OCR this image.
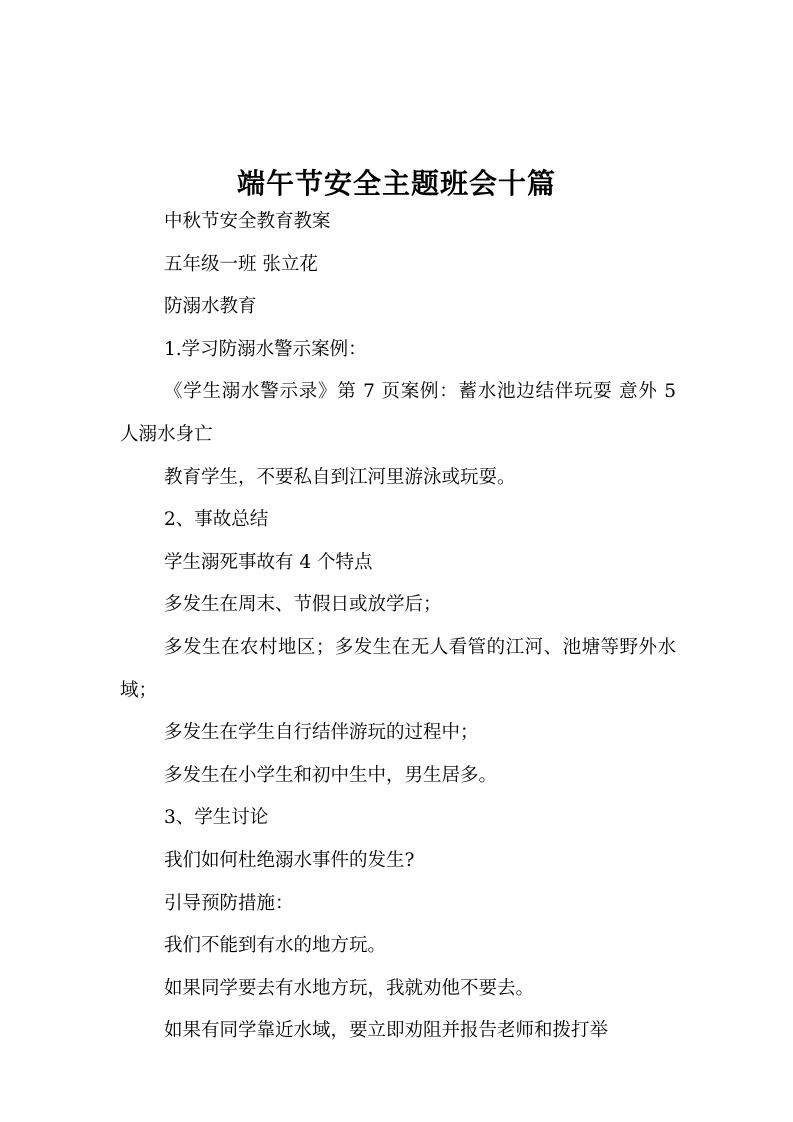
端午节安全主题班会十篇

中秋节安全教育教案

五年级一班 张立花

防溺水教育

1.学习防溺水警示案例：

《学生溺水警示录》第 7 页案例：蓄水池边结伴玩耍 意外 5 人溺水身亡

教育学生，不要私自到江河里游泳或玩耍。

2、事故总结

学生溺死事故有 4 个特点

多发生在周末、节假日或放学后；

多发生在农村地区；多发生在无人看管的江河、池塘等野外水域；

多发生在学生自行结伴游玩的过程中；

多发生在小学生和初中生中，男生居多。

3、学生讨论

我们如何杜绝溺水事件的发生?

引导预防措施：

我们不能到有水的地方玩。

如果同学要去有水地方玩，我就劝他不要去。

如果有同学靠近水域，要立即劝阻并报告老师和拨打举
